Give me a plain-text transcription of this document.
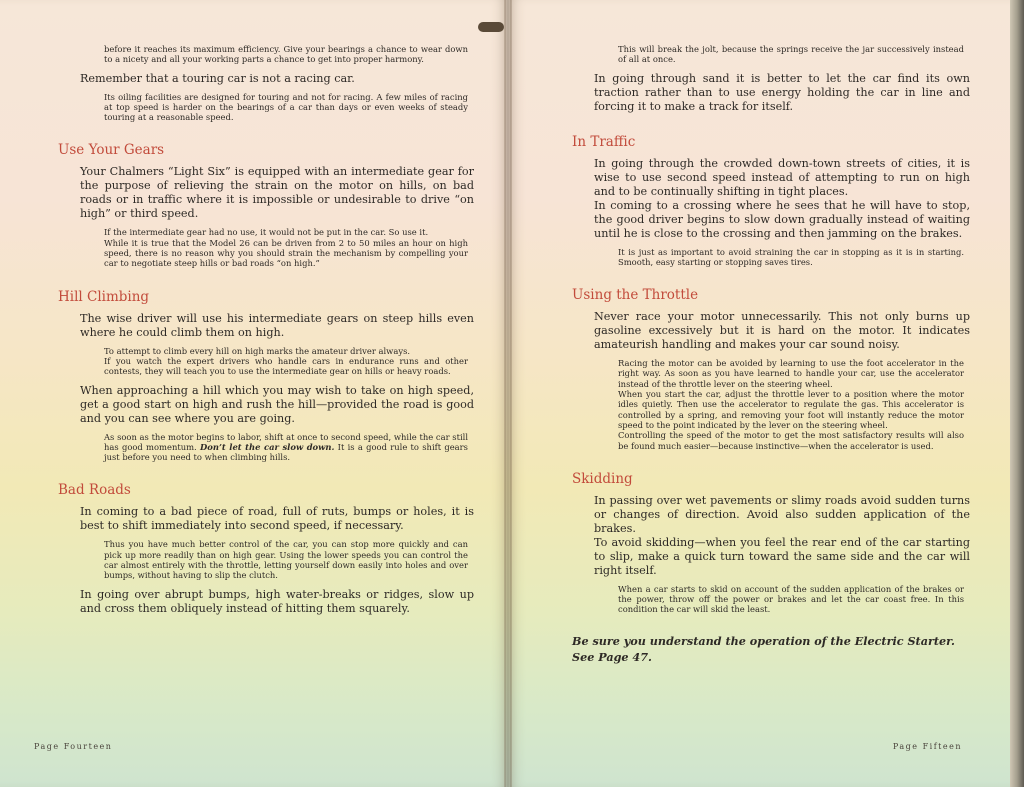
before it reaches its maximum efficiency. Give your bearings a chance to wear down to a nicety and all your working parts a chance to get into proper harmony.

Remember that a touring car is not a racing car.

Its oiling facilities are designed for touring and not for racing. A few miles of racing at top speed is harder on the bearings of a car than days or even weeks of steady touring at a reasonable speed.

Use Your Gears

Your Chalmers “Light Six” is equipped with an intermediate gear for the purpose of relieving the strain on the motor on hills, on bad roads or in traffic where it is impossible or undesirable to drive “on high” or third speed.

If the intermediate gear had no use, it would not be put in the car. So use it.

While it is true that the Model 26 can be driven from 2 to 50 miles an hour on high speed, there is no reason why you should strain the mechanism by compelling your car to negotiate steep hills or bad roads “on high.”

Hill Climbing

The wise driver will use his intermediate gears on steep hills even where he could climb them on high.

To attempt to climb every hill on high marks the amateur driver always.

If you watch the expert drivers who handle cars in endurance runs and other contests, they will teach you to use the intermediate gear on hills or heavy roads.

When approaching a hill which you may wish to take on high speed, get a good start on high and rush the hill—provided the road is good and you can see where you are going.

As soon as the motor begins to labor, shift at once to second speed, while the car still has good momentum. Don’t let the car slow down. It is a good rule to shift gears just before you need to when climbing hills.

Bad Roads

In coming to a bad piece of road, full of ruts, bumps or holes, it is best to shift immediately into second speed, if necessary.

Thus you have much better control of the car, you can stop more quickly and can pick up more readily than on high gear. Using the lower speeds you can control the car almost entirely with the throttle, letting yourself down easily into holes and over bumps, without having to slip the clutch.

In going over abrupt bumps, high water-breaks or ridges, slow up and cross them obliquely instead of hitting them squarely.

Page Fourteen

This will break the jolt, because the springs receive the jar successively instead of all at once.

In going through sand it is better to let the car find its own traction rather than to use energy holding the car in line and forcing it to make a track for itself.

In Traffic

In going through the crowded down-town streets of cities, it is wise to use second speed instead of attempting to run on high and to be continually shifting in tight places.

In coming to a crossing where he sees that he will have to stop, the good driver begins to slow down gradually instead of waiting until he is close to the crossing and then jamming on the brakes.

It is just as important to avoid straining the car in stopping as it is in starting. Smooth, easy starting or stopping saves tires.

Using the Throttle

Never race your motor unnecessarily. This not only burns up gasoline excessively but it is hard on the motor. It indicates amateurish handling and makes your car sound noisy.

Racing the motor can be avoided by learning to use the foot accelerator in the right way. As soon as you have learned to handle your car, use the accelerator instead of the throttle lever on the steering wheel.

When you start the car, adjust the throttle lever to a position where the motor idles quietly. Then use the accelerator to regulate the gas. This accelerator is controlled by a spring, and removing your foot will instantly reduce the motor speed to the point indicated by the lever on the steering wheel.

Controlling the speed of the motor to get the most satisfactory results will also be found much easier—because instinctive—when the accelerator is used.

Skidding

In passing over wet pavements or slimy roads avoid sudden turns or changes of direction. Avoid also sudden application of the brakes.

To avoid skidding—when you feel the rear end of the car starting to slip, make a quick turn toward the same side and the car will right itself.

When a car starts to skid on account of the sudden application of the brakes or the power, throw off the power or brakes and let the car coast free. In this condition the car will skid the least.

Be sure you understand the operation of the Electric Starter. See Page 47.

Page Fifteen
